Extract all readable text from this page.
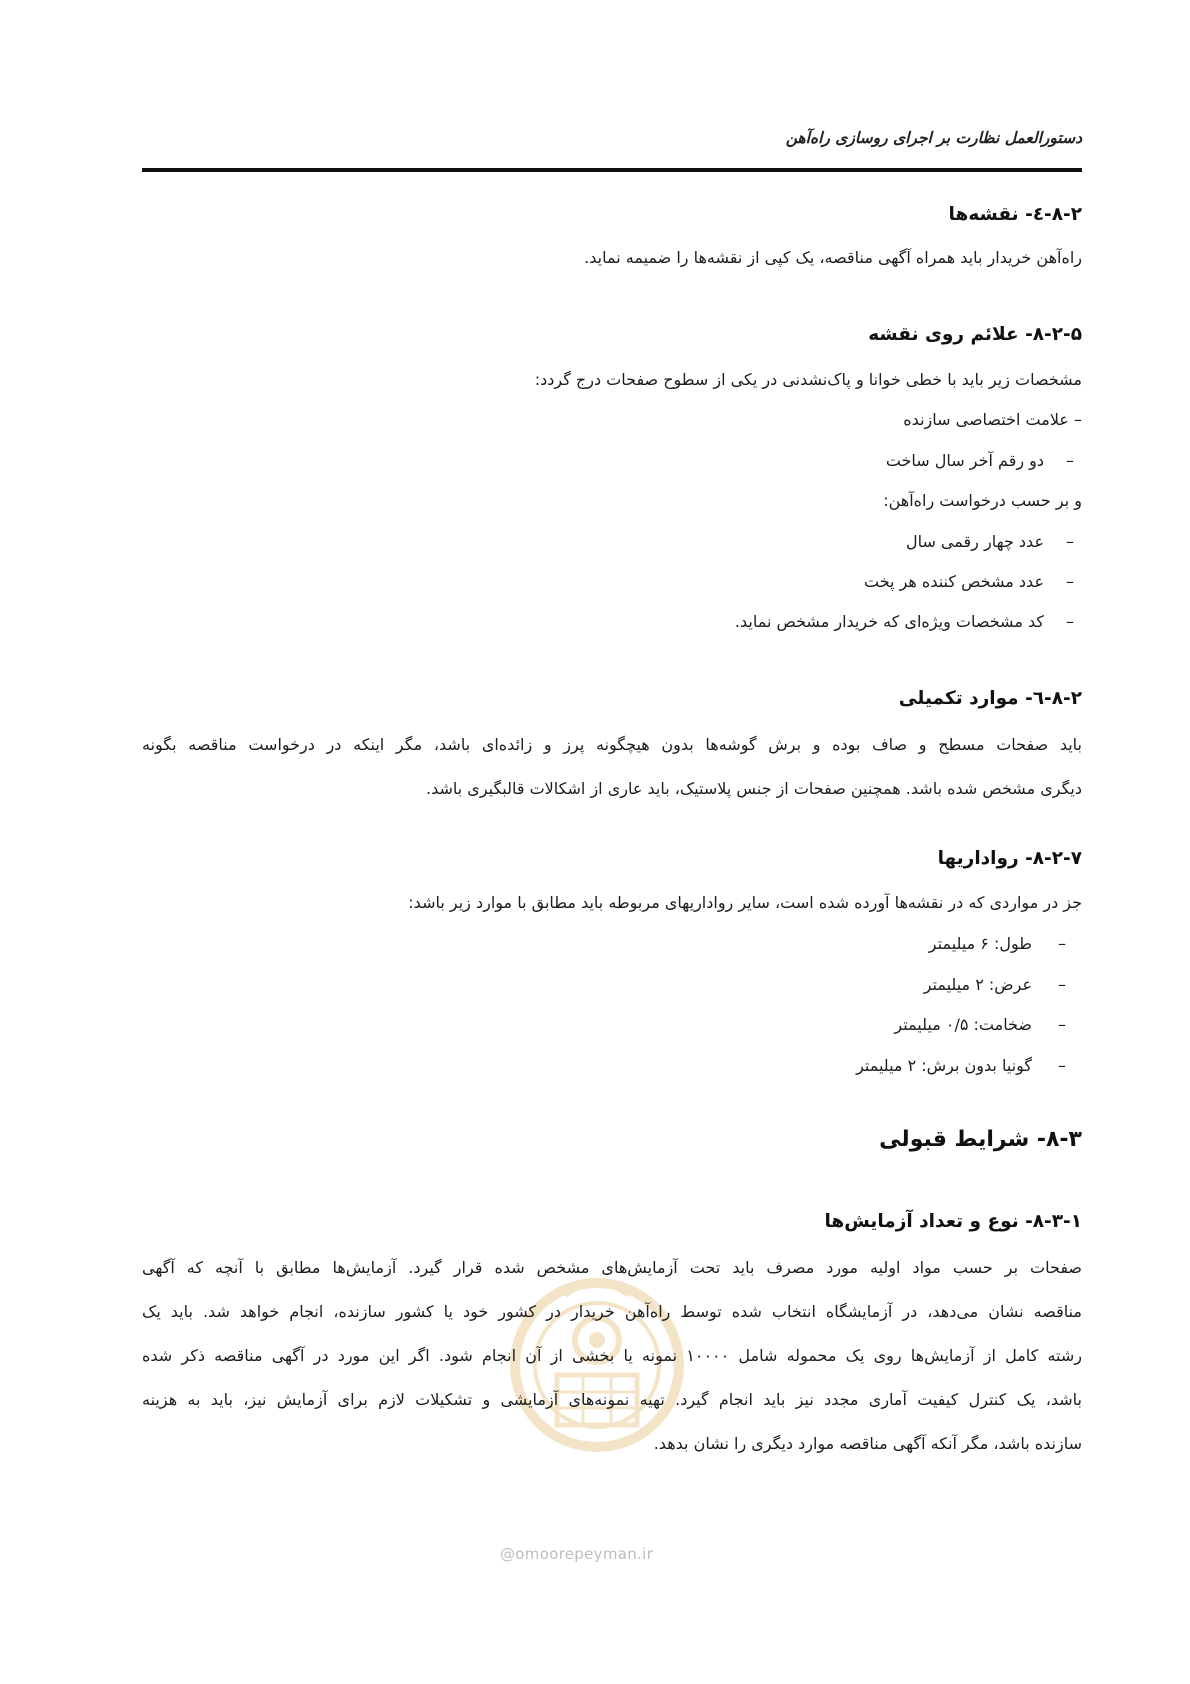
دستورالعمل نظارت بر اجرای روسازی راه‌آهن
۸-۲-٤- نقشه‌ها
راه‌آهن خریدار باید همراه آگهی مناقصه، یک کپی از نقشه‌ها را ضمیمه نماید.
۸-۲-۵- علائم روی نقشه
مشخصات زیر باید با خطی خوانا و پاک‌نشدنی در یکی از سطوح صفحات درج گردد:
– علامت اختصاصی سازنده
–دو رقم آخر سال ساخت
و بر حسب درخواست راه‌آهن:
–عدد چهار رقمی سال
–عدد مشخص کننده هر پخت
–کد مشخصات ویژه‌ای که خریدار مشخص نماید.
۸-۲-٦- موارد تکمیلی
باید صفحات مسطح و صاف بوده و برش گوشه‌ها بدون هیچگونه پرز و زائده‌ای باشد، مگر اینکه در درخواست مناقصه بگونه
دیگری مشخص شده باشد. همچنین صفحات از جنس پلاستیک، باید عاری از اشکالات قالبگیری باشد.
۸-۲-۷- رواداریها
جز در مواردی که در نقشه‌ها آورده شده است، سایر رواداریهای مربوطه باید مطابق با موارد زیر باشد:
–طول: ۶ میلیمتر
–عرض: ۲ میلیمتر
–ضخامت: ۰/۵ میلیمتر
–گونیا بدون برش: ۲ میلیمتر
۸-۳- شرایط قبولی
۸-۳-۱- نوع و تعداد آزمایش‌ها
@omoorepeyman.ir
صفحات بر حسب مواد اولیه مورد مصرف باید تحت آزمایش‌های مشخص شده قرار گیرد. آزمایش‌ها مطابق با آنچه که آگهی
مناقصه نشان می‌دهد، در آزمایشگاه انتخاب شده توسط راه‌آهن خریدار در کشور خود یا کشور سازنده، انجام خواهد شد. باید یک
رشته کامل از آزمایش‌ها روی یک محموله شامل ۱۰۰۰۰ نمونه یا بخشی از آن انجام شود. اگر این مورد در آگهی مناقصه ذکر شده
باشد، یک کنترل کیفیت آماری مجدد نیز باید انجام گیرد. تهیه نمونه‌های آزمایشی و تشکیلات لازم برای آزمایش نیز، باید به هزینه
سازنده باشد، مگر آنکه آگهی مناقصه موارد دیگری را نشان بدهد.
